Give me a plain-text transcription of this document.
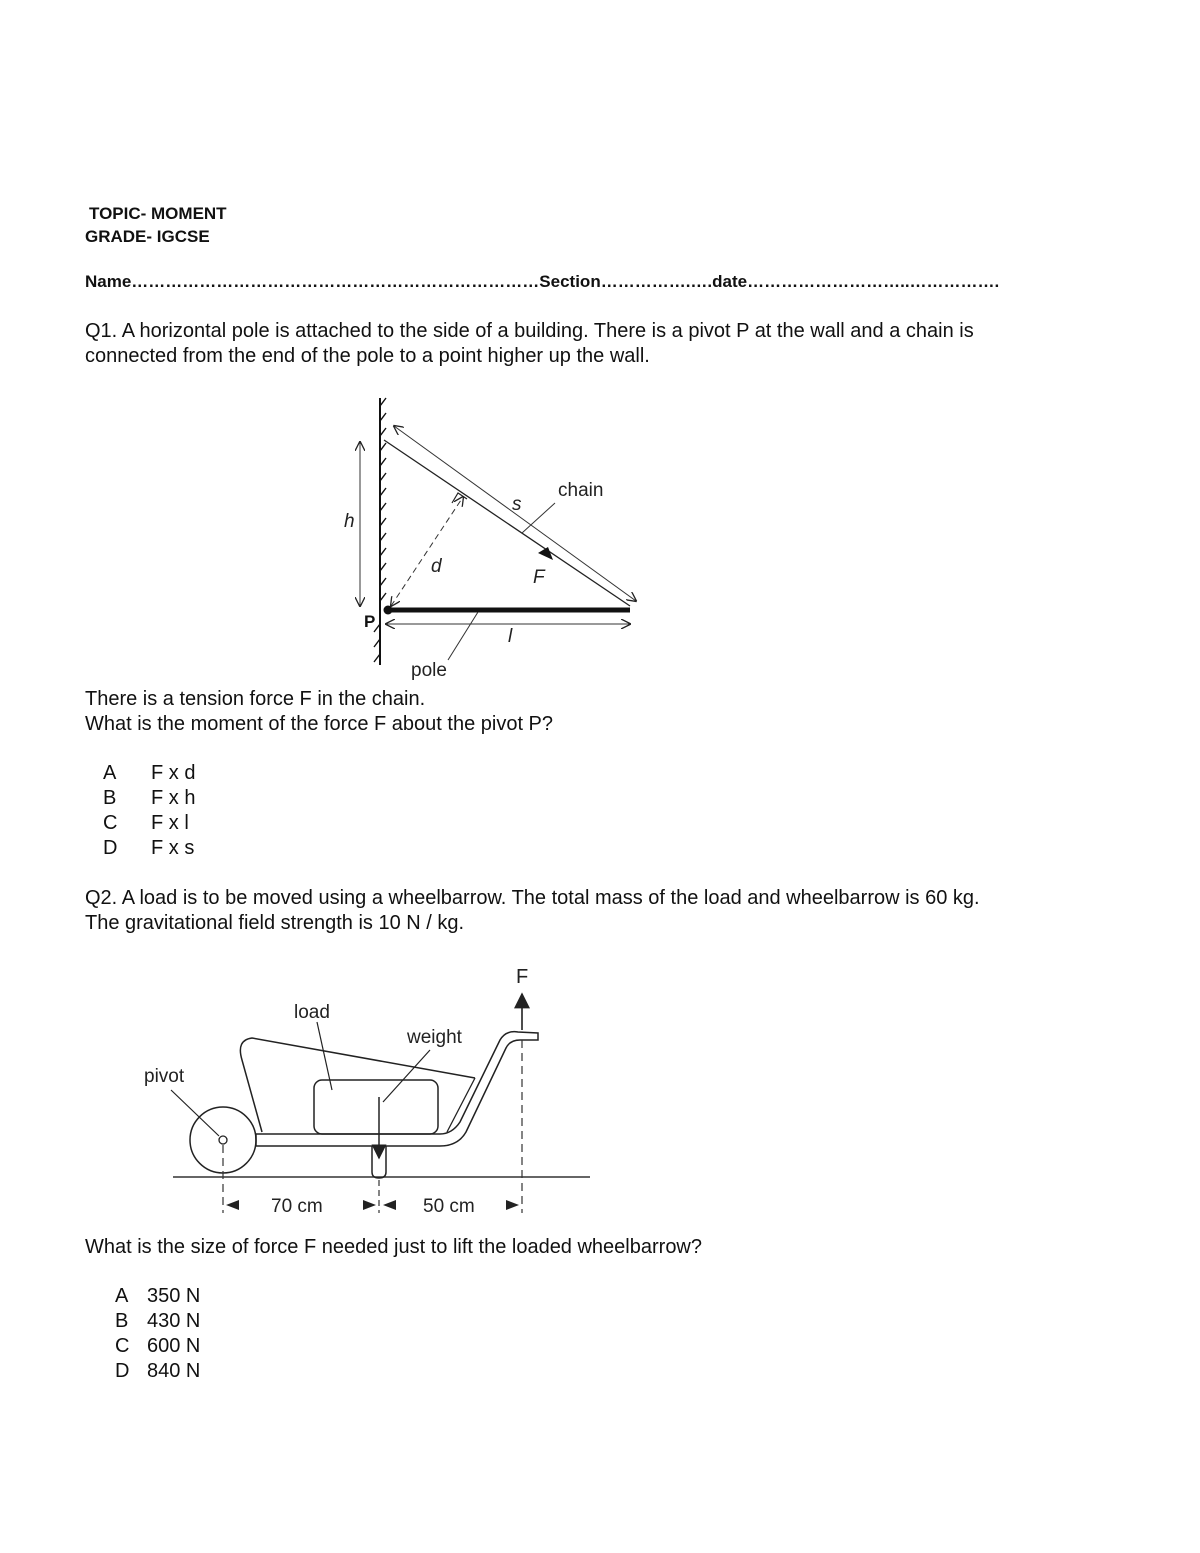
TOPIC- MOMENT
GRADE- IGCSE
Name………………………………………………………………Section…………….….date………………………..…………….
Q1. A horizontal pole is attached to the side of a building. There is a pivot P at the wall and a chain is
connected from the end of the pole to a point higher up the wall.
chain
s
h
d
F
P
l
pole
There is a tension force F in the chain.
What is the moment of the force F about the pivot P?
A F x d
B F x h
C F x l
D F x s
Q2. A load is to be moved using a wheelbarrow. The total mass of the load and wheelbarrow is 60 kg.
The gravitational field strength is 10 N / kg.
F
load
weight
pivot
70 cm	50 cm
What is the size of force F needed just to lift the loaded wheelbarrow?
A 350 N
B 430 N
C 600 N
D 840 N
